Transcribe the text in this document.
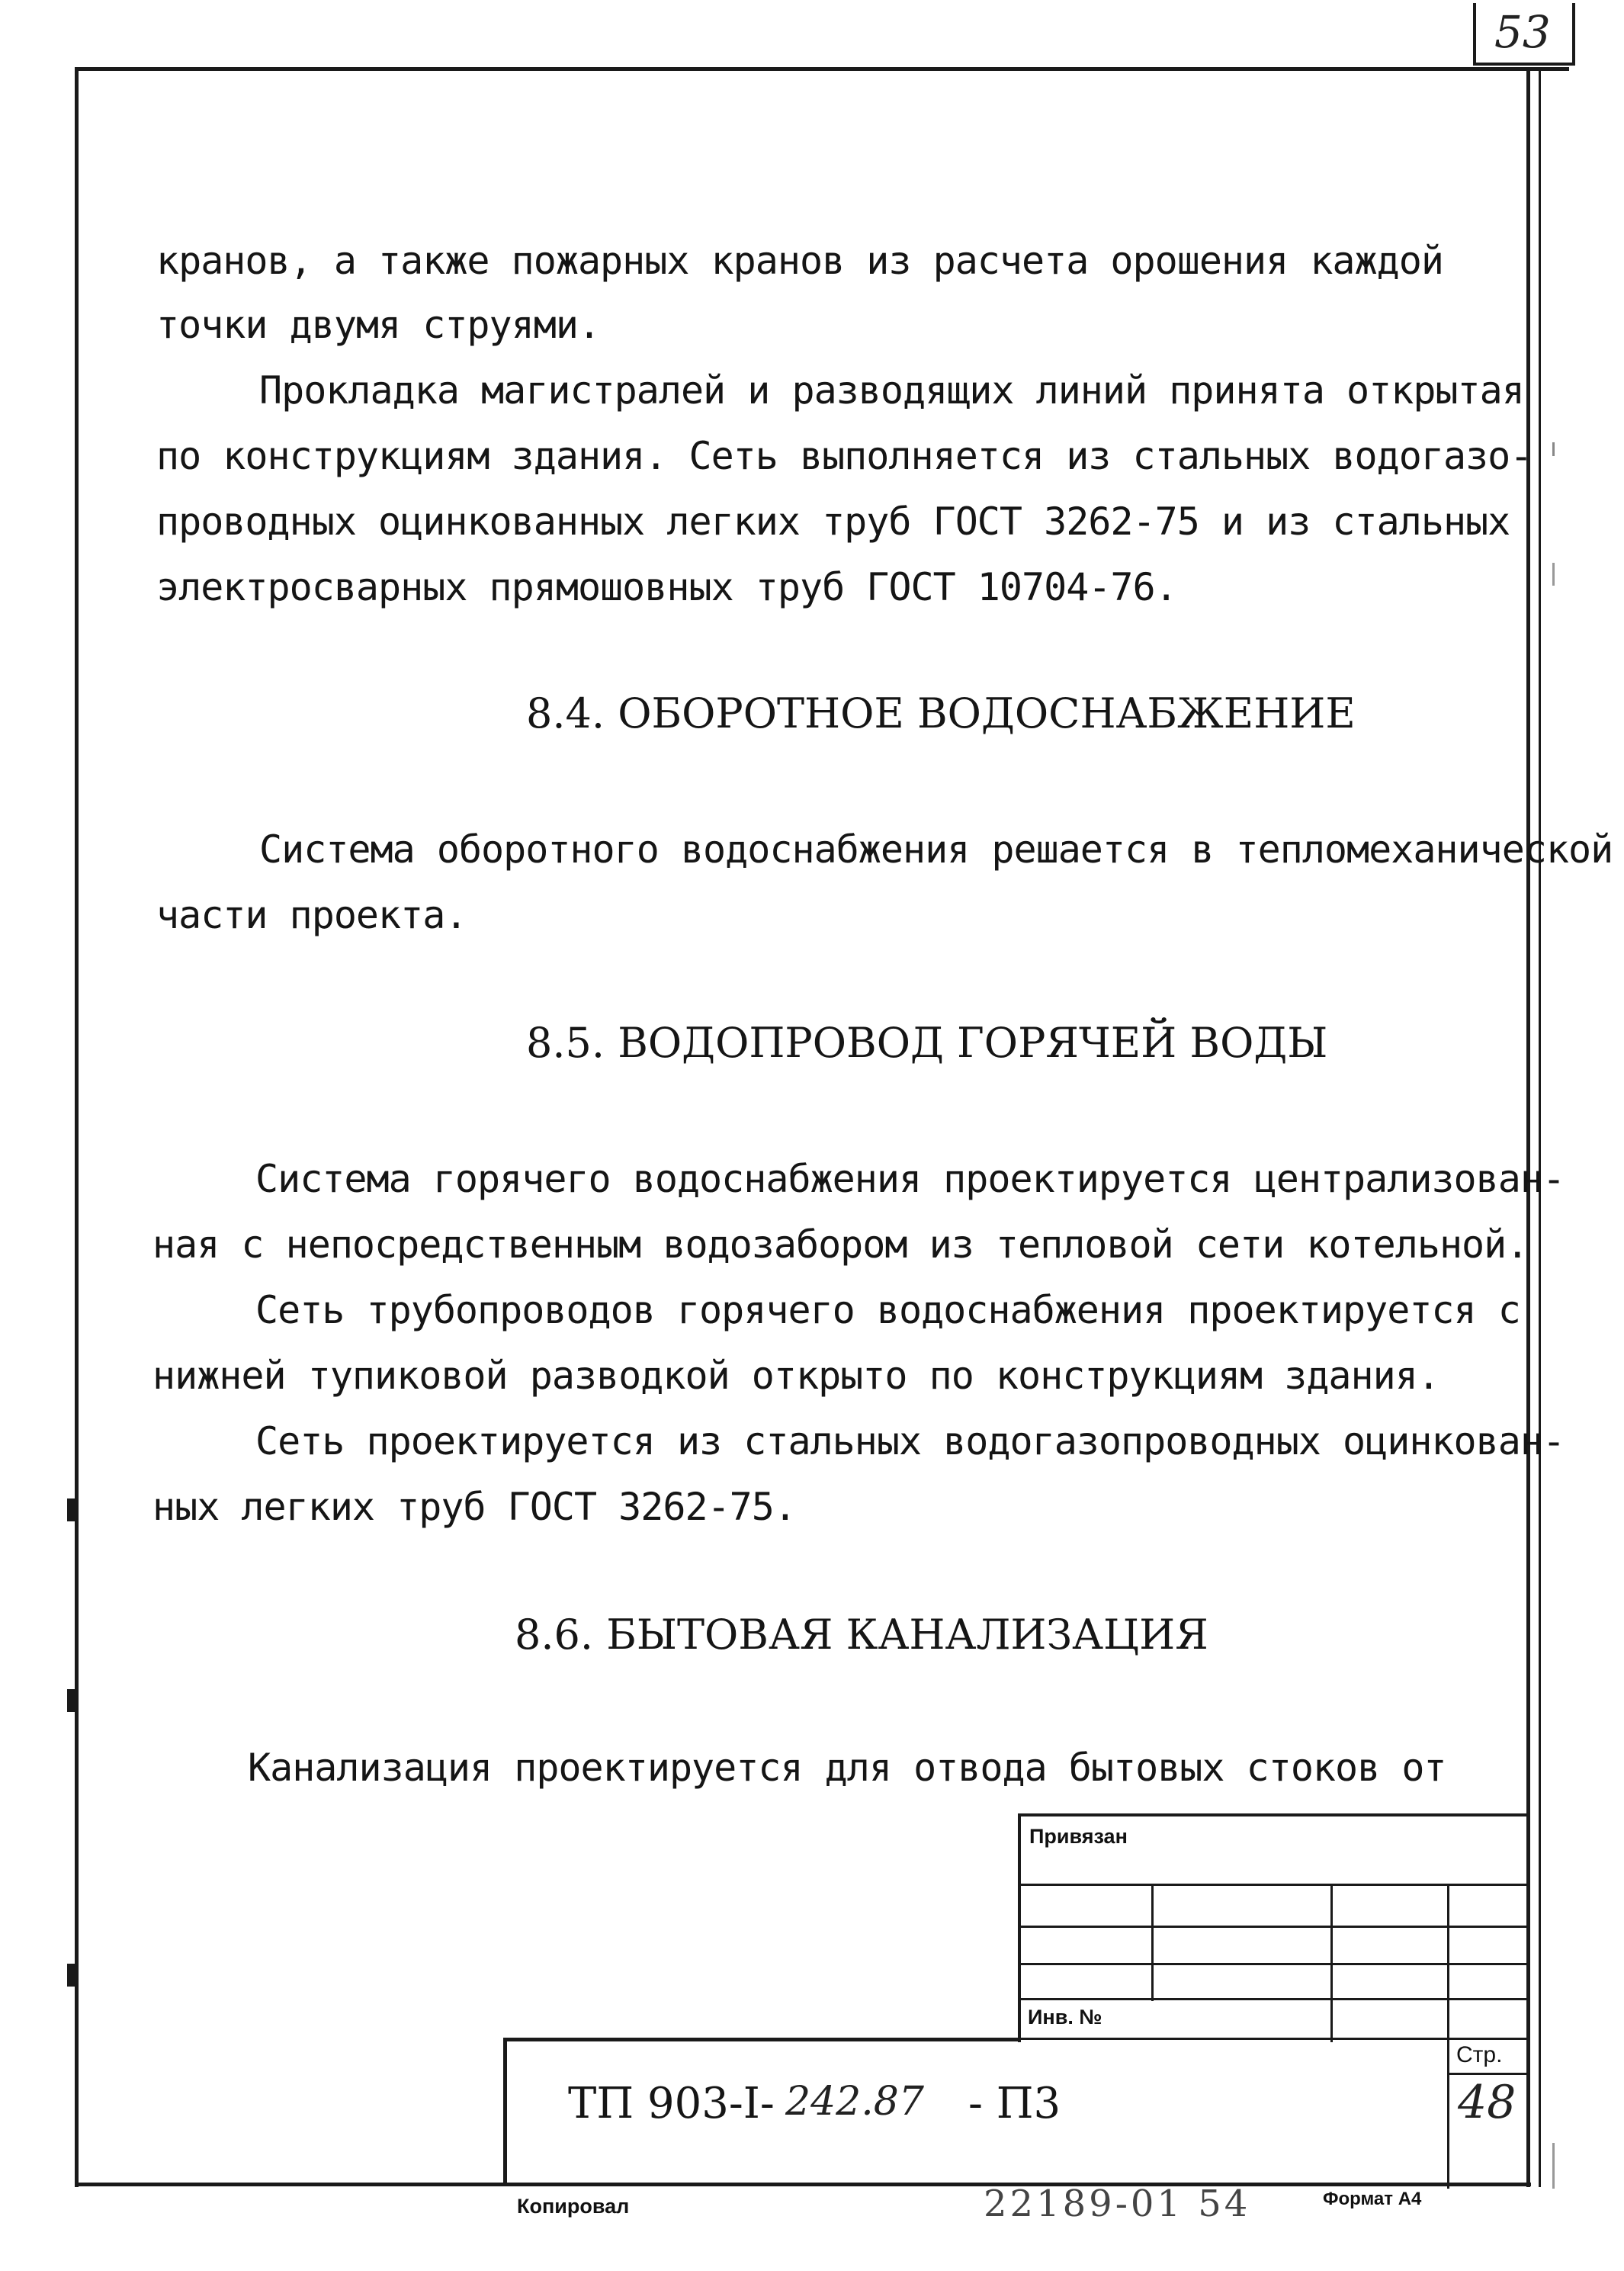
53
кранов, а также пожарных кранов из расчета орошения каждой
точки двумя струями.
Прокладка магистралей и разводящих линий принята открытая
по конструкциям здания. Сеть выполняется из стальных водогазо-
проводных оцинкованных легких труб ГОСТ 3262-75 и из стальных
электросварных прямошовных труб ГОСТ 10704-76.
8.4. ОБОРОТНОЕ ВОДОСНАБЖЕНИЕ
Система оборотного водоснабжения решается в тепломеханической
части проекта.
8.5. ВОДОПРОВОД ГОРЯЧЕЙ ВОДЫ
Система горячего водоснабжения проектируется централизован-
ная с непосредственным водозабором из тепловой сети котельной.
Сеть трубопроводов горячего водоснабжения проектируется с
нижней тупиковой разводкой открыто по конструкциям здания.
Сеть проектируется из стальных водогазопроводных оцинкован-
ных легких труб ГОСТ 3262-75.
8.6. БЫТОВАЯ КАНАЛИЗАЦИЯ
Канализация проектируется для отвода бытовых стоков от
Привязан
Инв. №
Стр.
48
ТП 903-I- 242.87 - П3
Копировал	22189-01 54	Формат А4
